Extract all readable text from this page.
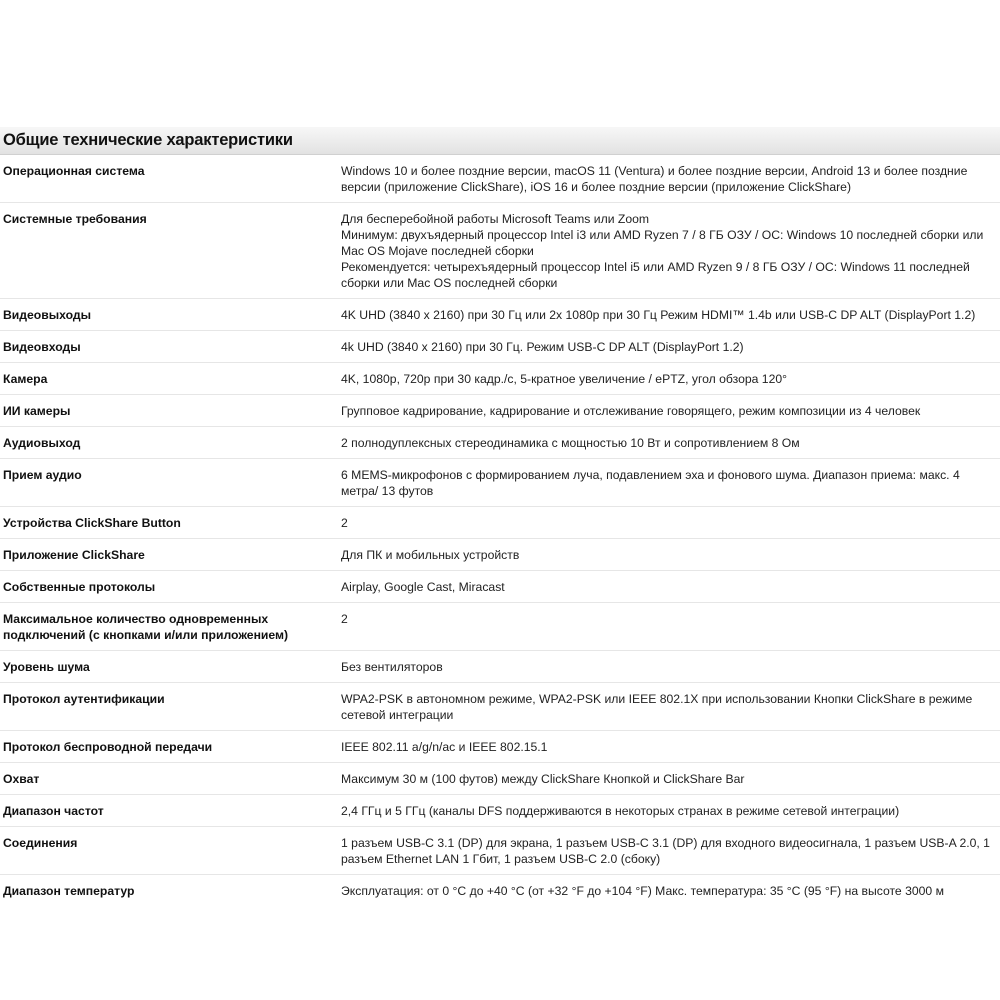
Общие технические характеристики
Операционная система	Windows 10 и более поздние версии, macOS 11 (Ventura) и более поздние версии, Android 13 и более поздние версии (приложение ClickShare), iOS 16 и более поздние версии (приложение ClickShare)
Системные требования	Для бесперебойной работы Microsoft Teams или Zoom
Минимум: двухъядерный процессор Intel i3 или AMD Ryzen 7 / 8 ГБ ОЗУ / ОС: Windows 10 последней сборки или Mac OS Mojave последней сборки
Рекомендуется: четырехъядерный процессор Intel i5 или AMD Ryzen 9 / 8 ГБ ОЗУ / ОС: Windows 11 последней сборки или Mac OS последней сборки
Видеовыходы	4K UHD (3840 x 2160) при 30 Гц или 2x 1080p при 30 Гц Режим HDMI™ 1.4b или USB-C DP ALT (DisplayPort 1.2)
Видеовходы	4k UHD (3840 x 2160) при 30 Гц. Режим USB-C DP ALT (DisplayPort 1.2)
Камера	4K, 1080p, 720p при 30 кадр./с, 5-кратное увеличение / ePTZ, угол обзора 120°
ИИ камеры	Групповое кадрирование, кадрирование и отслеживание говорящего, режим композиции из 4 человек
Аудиовыход	2 полнодуплексных стереодинамика с мощностью 10 Вт и сопротивлением 8 Ом
Прием аудио	6 MEMS-микрофонов с формированием луча, подавлением эха и фонового шума. Диапазон приема: макс. 4 метра/ 13 футов
Устройства ClickShare Button	2
Приложение ClickShare	Для ПК и мобильных устройств
Собственные протоколы	Airplay, Google Cast, Miracast
Максимальное количество одновременных подключений (с кнопками и/или приложением)	2
Уровень шума	Без вентиляторов
Протокол аутентификации	WPA2-PSK в автономном режиме, WPA2-PSK или IEEE 802.1X при использовании Кнопки ClickShare в режиме сетевой интеграции
Протокол беспроводной передачи	IEEE 802.11 a/g/n/ac и IEEE 802.15.1
Охват	Максимум 30 м (100 футов) между ClickShare Кнопкой и ClickShare Bar
Диапазон частот	2,4 ГГц и 5 ГГц (каналы DFS поддерживаются в некоторых странах в режиме сетевой интеграции)
Соединения	1 разъем USB-C 3.1 (DP) для экрана, 1 разъем USB-C 3.1 (DP) для входного видеосигнала, 1 разъем USB-A 2.0, 1 разъем Ethernet LAN 1 Гбит, 1 разъем USB-C 2.0 (сбоку)
Диапазон температур	Эксплуатация: от 0 °C до +40 °C (от +32 °F до +104 °F) Макс. температура: 35 °C (95 °F) на высоте 3000 м
